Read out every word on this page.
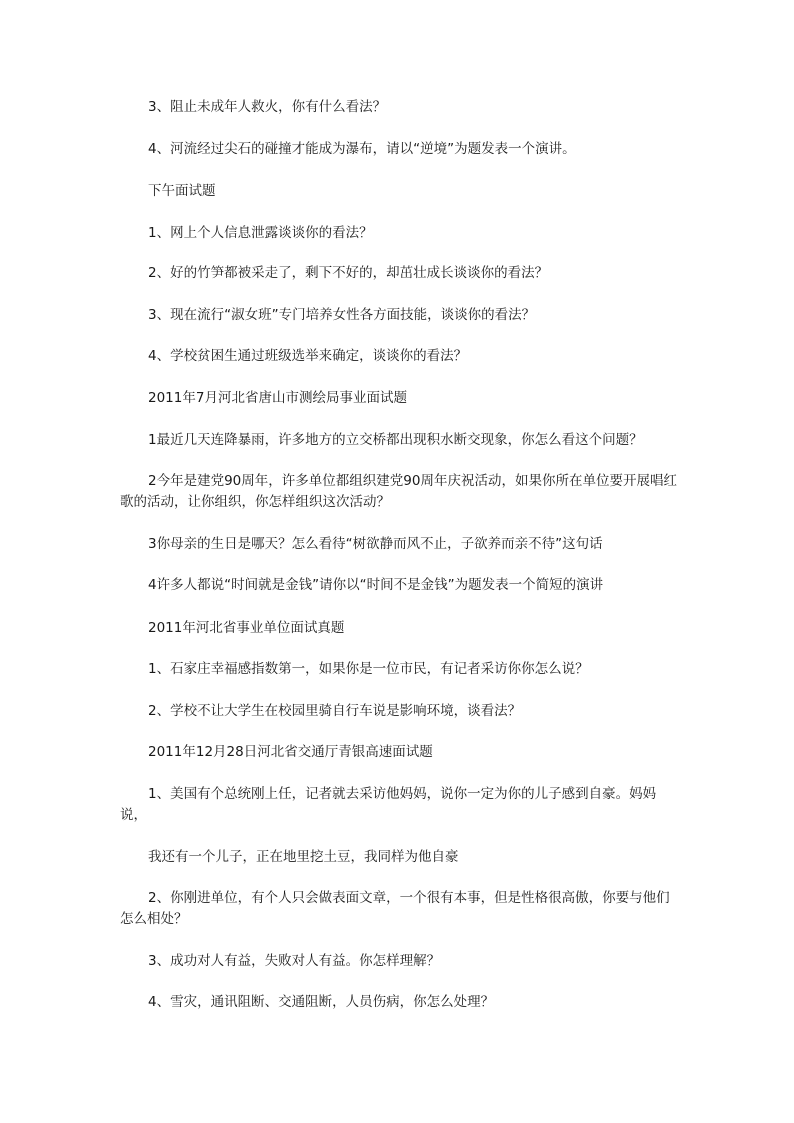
3、阻止未成年人救火，你有什么看法？
4、河流经过尖石的碰撞才能成为瀑布，请以“逆境”为题发表一个演讲。
下午面试题
1、网上个人信息泄露谈谈你的看法？
2、好的竹笋都被采走了，剩下不好的，却茁壮成长谈谈你的看法？
3、现在流行“淑女班”专门培养女性各方面技能，谈谈你的看法？
4、学校贫困生通过班级选举来确定，谈谈你的看法？
2011年7月河北省唐山市测绘局事业面试题
1最近几天连降暴雨，许多地方的立交桥都出现积水断交现象，你怎么看这个问题？
2今年是建党90周年，许多单位都组织建党90周年庆祝活动，如果你所在单位要开展唱红歌的活动，让你组织，你怎样组织这次活动？
3你母亲的生日是哪天？怎么看待“树欲静而风不止，子欲养而亲不待”这句话
4许多人都说“时间就是金钱”请你以“时间不是金钱”为题发表一个简短的演讲
2011年河北省事业单位面试真题
1、石家庄幸福感指数第一，如果你是一位市民，有记者采访你你怎么说？
2、学校不让大学生在校园里骑自行车说是影响环境，谈看法？
2011年12月28日河北省交通厅青银高速面试题
1、美国有个总统刚上任，记者就去采访他妈妈，说你一定为你的儿子感到自豪。妈妈说，
我还有一个儿子，正在地里挖土豆，我同样为他自豪
2、你刚进单位，有个人只会做表面文章，一个很有本事，但是性格很高傲，你要与他们怎么相处？
3、成功对人有益，失败对人有益。你怎样理解？
4、雪灾，通讯阻断、交通阻断，人员伤病，你怎么处理？
